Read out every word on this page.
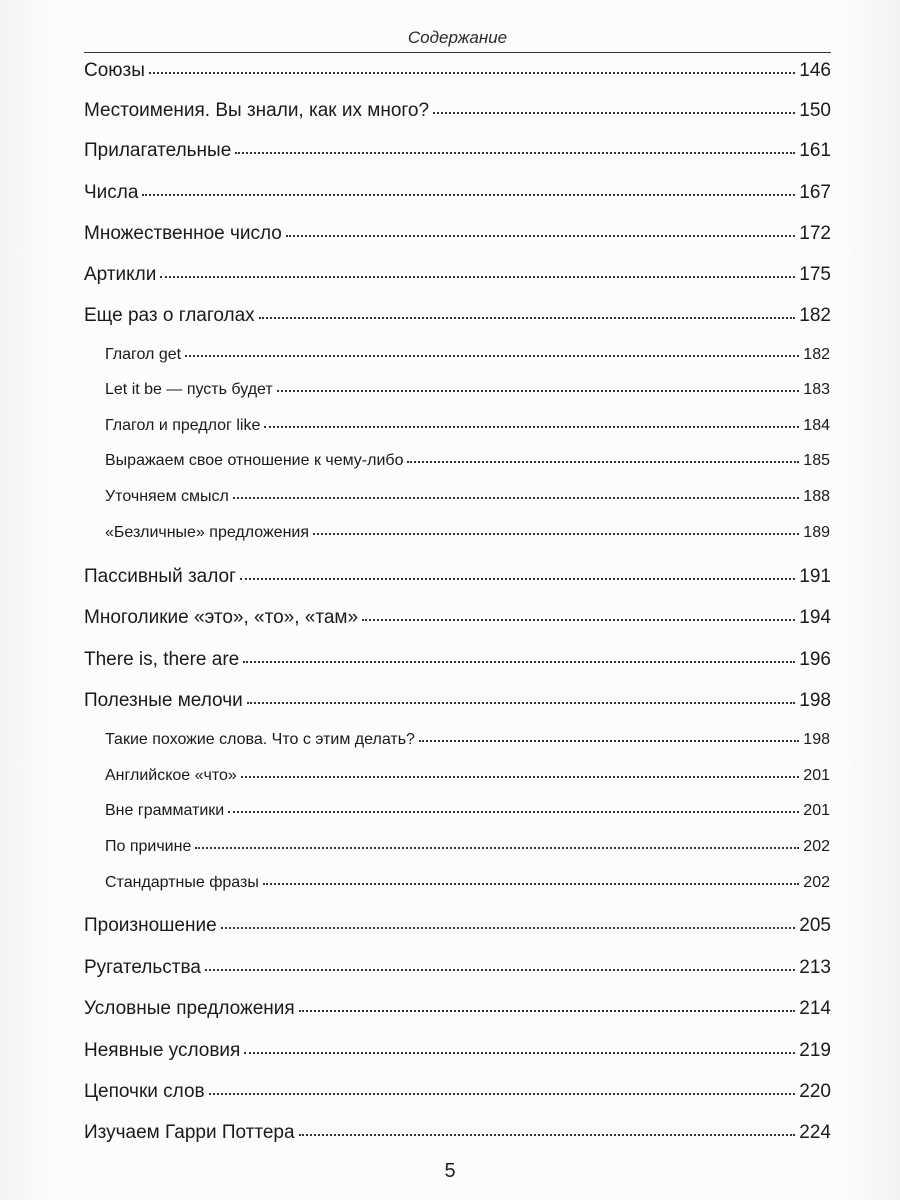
Содержание
Союзы	146
Местоимения. Вы знали, как их много?	150
Прилагательные	161
Числа	167
Множественное число	172
Артикли	175
Еще раз о глаголах	182
Глагол get	182
Let it be — пусть будет	183
Глагол и предлог like	184
Выражаем свое отношение к чему-либо	185
Уточняем смысл	188
«Безличные» предложения	189
Пассивный залог	191
Многоликие «это», «то», «там»	194
There is, there are	196
Полезные мелочи	198
Такие похожие слова. Что с этим делать?	198
Английское «что»	201
Вне грамматики	201
По причине	202
Стандартные фразы	202
Произношение	205
Ругательства	213
Условные предложения	214
Неявные условия	219
Цепочки слов	220
Изучаем Гарри Поттера	224
5
